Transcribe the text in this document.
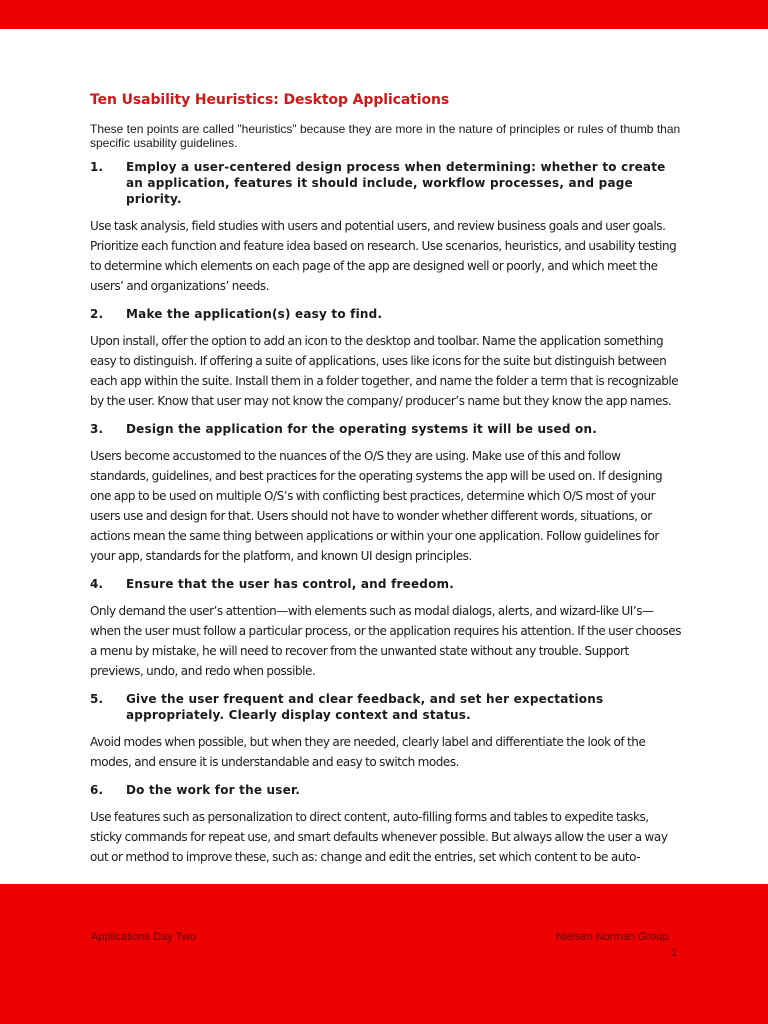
Ten Usability Heuristics: Desktop Applications

These ten points are called "heuristics" because they are more in the nature of principles or rules of thumb than specific usability guidelines.

1.	Employ a user-centered design process when determining: whether to create an application, features it should include, workflow processes, and page priority.

Use task analysis, field studies with users and potential users, and review business goals and user goals. Prioritize each function and feature idea based on research. Use scenarios, heuristics, and usability testing to determine which elements on each page of the app are designed well or poorly, and which meet the users’ and organizations’ needs.

2.	Make the application(s) easy to find.

Upon install, offer the option to add an icon to the desktop and toolbar. Name the application something easy to distinguish. If offering a suite of applications, uses like icons for the suite but distinguish between each app within the suite. Install them in a folder together, and name the folder a term that is recognizable by the user. Know that user may not know the company/ producer’s name but they know the app names.

3.	Design the application for the operating systems it will be used on.

Users become accustomed to the nuances of the O/S they are using. Make use of this and follow standards, guidelines, and best practices for the operating systems the app will be used on. If designing one app to be used on multiple O/S’s with conflicting best practices, determine which O/S most of your users use and design for that. Users should not have to wonder whether different words, situations, or actions mean the same thing between applications or within your one application. Follow guidelines for your app, standards for the platform, and known UI design principles.

4.	Ensure that the user has control, and freedom.

Only demand the user’s attention—with elements such as modal dialogs, alerts, and wizard-like UI’s—when the user must follow a particular process, or the application requires his attention. If the user chooses a menu by mistake, he will need to recover from the unwanted state without any trouble. Support previews, undo, and redo when possible.

5.	Give the user frequent and clear feedback, and set her expectations appropriately. Clearly display context and status.

Avoid modes when possible, but when they are needed, clearly label and differentiate the look of the modes, and ensure it is understandable and easy to switch modes.

6.	Do the work for the user.

Use features such as personalization to direct content, auto-filling forms and tables to expedite tasks, sticky commands for repeat use, and smart defaults whenever possible. But always allow the user a way out or method to improve these, such as: change and edit the entries, set which content to be auto-

Applications Day Two	Nielsen Norman Group
1
